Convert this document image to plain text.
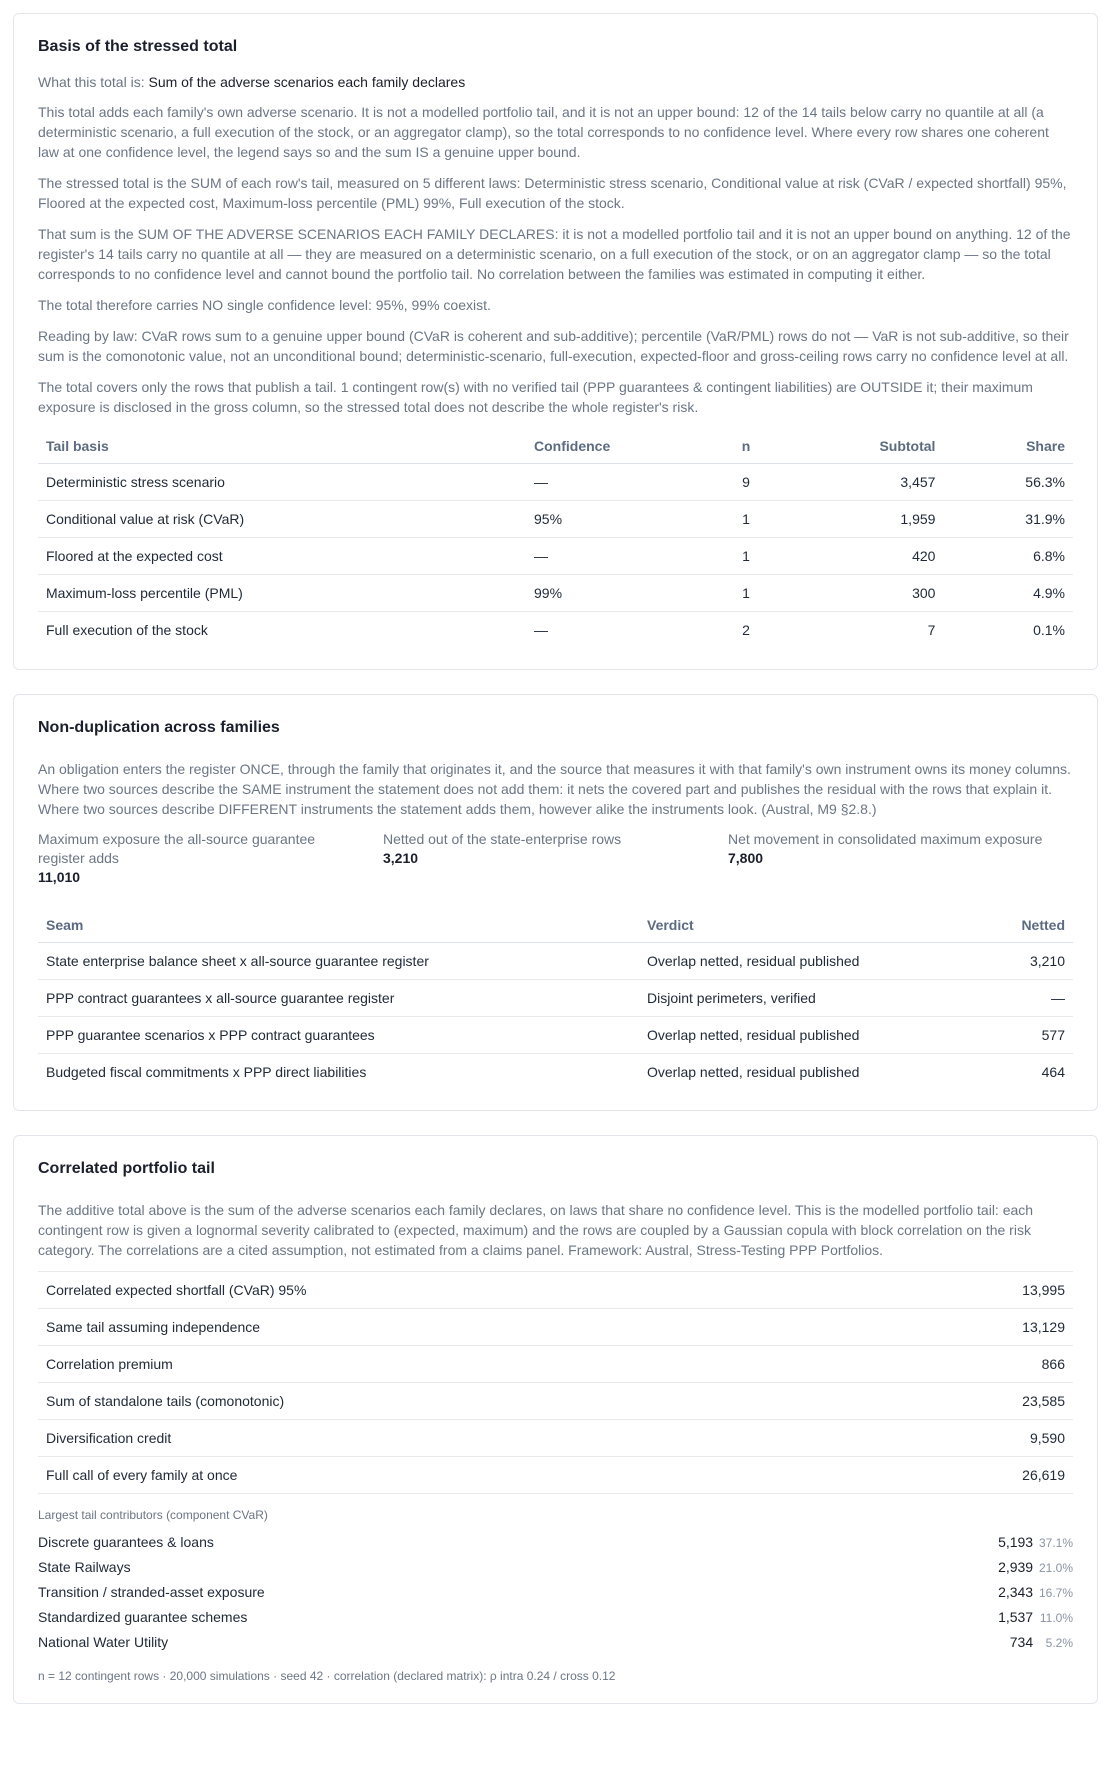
Basis of the stressed total
What this total is: Sum of the adverse scenarios each family declares

This total adds each family's own adverse scenario. It is not a modelled portfolio tail, and it is not an upper bound: 12 of the 14 tails below carry no quantile at all (a deterministic scenario, a full execution of the stock, or an aggregator clamp), so the total corresponds to no confidence level. Where every row shares one coherent law at one confidence level, the legend says so and the sum IS a genuine upper bound.

The stressed total is the SUM of each row's tail, measured on 5 different laws: Deterministic stress scenario, Conditional value at risk (CVaR / expected shortfall) 95%, Floored at the expected cost, Maximum-loss percentile (PML) 99%, Full execution of the stock.

That sum is the SUM OF THE ADVERSE SCENARIOS EACH FAMILY DECLARES: it is not a modelled portfolio tail and it is not an upper bound on anything. 12 of the register's 14 tails carry no quantile at all — they are measured on a deterministic scenario, on a full execution of the stock, or on an aggregator clamp — so the total corresponds to no confidence level and cannot bound the portfolio tail. No correlation between the families was estimated in computing it either.

The total therefore carries NO single confidence level: 95%, 99% coexist.

Reading by law: CVaR rows sum to a genuine upper bound (CVaR is coherent and sub-additive); percentile (VaR/PML) rows do not — VaR is not sub-additive, so their sum is the comonotonic value, not an unconditional bound; deterministic-scenario, full-execution, expected-floor and gross-ceiling rows carry no confidence level at all.

The total covers only the rows that publish a tail. 1 contingent row(s) with no verified tail (PPP guarantees & contingent liabilities) are OUTSIDE it; their maximum exposure is disclosed in the gross column, so the stressed total does not describe the whole register's risk.

Tail basis	Confidence	n	Subtotal	Share
Deterministic stress scenario	—	9	3,457	56.3%
Conditional value at risk (CVaR)	95%	1	1,959	31.9%
Floored at the expected cost	—	1	420	6.8%
Maximum-loss percentile (PML)	99%	1	300	4.9%
Full execution of the stock	—	2	7	0.1%
Non-duplication across families

An obligation enters the register ONCE, through the family that originates it, and the source that measures it with that family's own instrument owns its money columns. Where two sources describe the SAME instrument the statement does not add them: it nets the covered part and publishes the residual with the rows that explain it. Where two sources describe DIFFERENT instruments the statement adds them, however alike the instruments look. (Austral, M9 §2.8.)

Maximum exposure the all-source guarantee register adds
11,010
Netted out of the state-enterprise rows
3,210
Net movement in consolidated maximum exposure
7,800
Seam	Verdict	Netted
State enterprise balance sheet x all-source guarantee register	Overlap netted, residual published	3,210
PPP contract guarantees x all-source guarantee register	Disjoint perimeters, verified	—
PPP guarantee scenarios x PPP contract guarantees	Overlap netted, residual published	577
Budgeted fiscal commitments x PPP direct liabilities	Overlap netted, residual published	464
Correlated portfolio tail

The additive total above is the sum of the adverse scenarios each family declares, on laws that share no confidence level. This is the modelled portfolio tail: each contingent row is given a lognormal severity calibrated to (expected, maximum) and the rows are coupled by a Gaussian copula with block correlation on the risk category. The correlations are a cited assumption, not estimated from a claims panel. Framework: Austral, Stress-Testing PPP Portfolios.

Correlated expected shortfall (CVaR) 95%	13,995
Same tail assuming independence	13,129
Correlation premium	866
Sum of standalone tails (comonotonic)	23,585
Diversification credit	9,590
Full call of every family at once	26,619
Largest tail contributors (component CVaR)
Discrete guarantees & loans	5,193 37.1%
State Railways	2,939 21.0%
Transition / stranded-asset exposure	2,343 16.7%
Standardized guarantee schemes	1,537 11.0%
National Water Utility	734 5.2%
n = 12 contingent rows · 20,000 simulations · seed 42 · correlation (declared matrix): ρ intra 0.24 / cross 0.12
